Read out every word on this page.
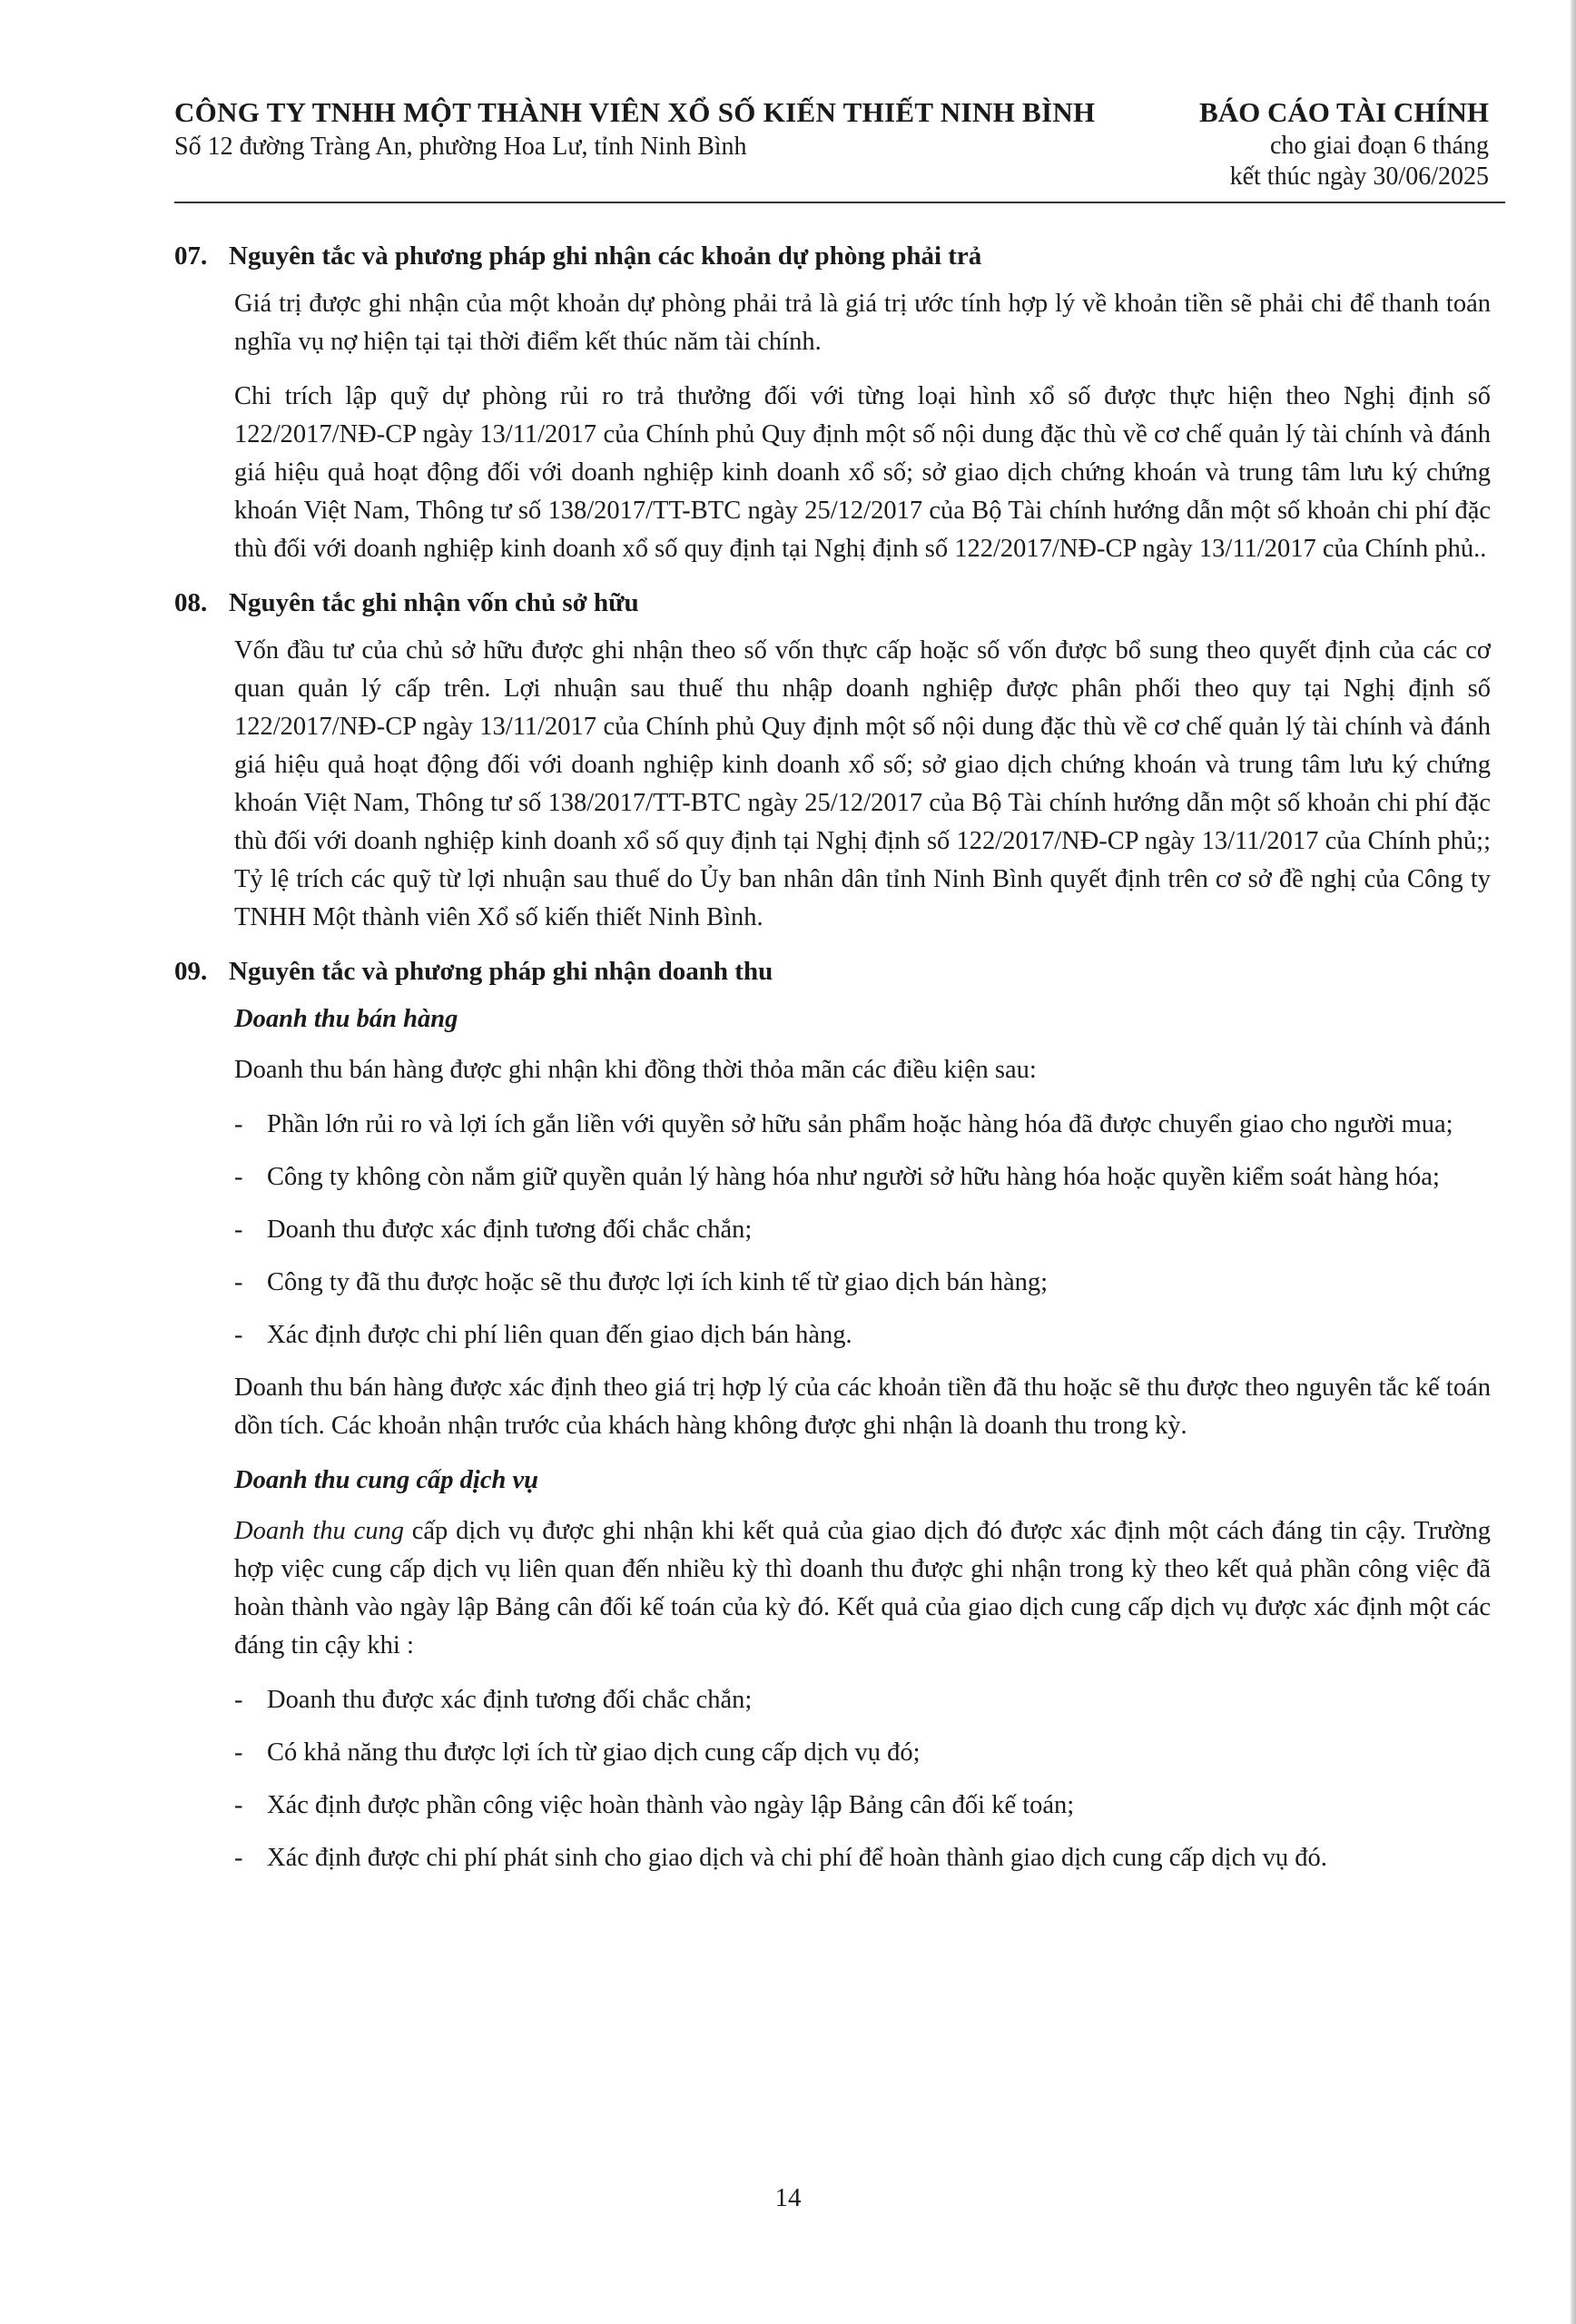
CÔNG TY TNHH MỘT THÀNH VIÊN XỔ SỐ KIẾN THIẾT NINH BÌNH
Số 12 đường Tràng An, phường Hoa Lư, tỉnh Ninh Bình
BÁO CÁO TÀI CHÍNH
cho giai đoạn 6 tháng
kết thúc ngày 30/06/2025
07. Nguyên tắc và phương pháp ghi nhận các khoản dự phòng phải trả

Giá trị được ghi nhận của một khoản dự phòng phải trả là giá trị ước tính hợp lý về khoản tiền sẽ phải chi để thanh toán nghĩa vụ nợ hiện tại tại thời điểm kết thúc năm tài chính.

Chi trích lập quỹ dự phòng rủi ro trả thưởng đối với từng loại hình xổ số được thực hiện theo Nghị định số 122/2017/NĐ-CP ngày 13/11/2017 của Chính phủ Quy định một số nội dung đặc thù về cơ chế quản lý tài chính và đánh giá hiệu quả hoạt động đối với doanh nghiệp kinh doanh xổ số; sở giao dịch chứng khoán và trung tâm lưu ký chứng khoán Việt Nam, Thông tư số 138/2017/TT-BTC ngày 25/12/2017 của Bộ Tài chính hướng dẫn một số khoản chi phí đặc thù đối với doanh nghiệp kinh doanh xổ số quy định tại Nghị định số 122/2017/NĐ-CP ngày 13/11/2017 của Chính phủ..

08. Nguyên tắc ghi nhận vốn chủ sở hữu

Vốn đầu tư của chủ sở hữu được ghi nhận theo số vốn thực cấp hoặc số vốn được bổ sung theo quyết định của các cơ quan quản lý cấp trên. Lợi nhuận sau thuế thu nhập doanh nghiệp được phân phối theo quy tại Nghị định số 122/2017/NĐ-CP ngày 13/11/2017 của Chính phủ Quy định một số nội dung đặc thù về cơ chế quản lý tài chính và đánh giá hiệu quả hoạt động đối với doanh nghiệp kinh doanh xổ số; sở giao dịch chứng khoán và trung tâm lưu ký chứng khoán Việt Nam, Thông tư số 138/2017/TT-BTC ngày 25/12/2017 của Bộ Tài chính hướng dẫn một số khoản chi phí đặc thù đối với doanh nghiệp kinh doanh xổ số quy định tại Nghị định số 122/2017/NĐ-CP ngày 13/11/2017 của Chính phủ;; Tỷ lệ trích các quỹ từ lợi nhuận sau thuế do Ủy ban nhân dân tỉnh Ninh Bình quyết định trên cơ sở đề nghị của Công ty TNHH Một thành viên Xổ số kiến thiết Ninh Bình.

09. Nguyên tắc và phương pháp ghi nhận doanh thu
Doanh thu bán hàng

Doanh thu bán hàng được ghi nhận khi đồng thời thỏa mãn các điều kiện sau:

- Phần lớn rủi ro và lợi ích gắn liền với quyền sở hữu sản phẩm hoặc hàng hóa đã được chuyển giao cho người mua;
- Công ty không còn nắm giữ quyền quản lý hàng hóa như người sở hữu hàng hóa hoặc quyền kiểm soát hàng hóa;
- Doanh thu được xác định tương đối chắc chắn;
- Công ty đã thu được hoặc sẽ thu được lợi ích kinh tế từ giao dịch bán hàng;
- Xác định được chi phí liên quan đến giao dịch bán hàng.

Doanh thu bán hàng được xác định theo giá trị hợp lý của các khoản tiền đã thu hoặc sẽ thu được theo nguyên tắc kế toán dồn tích. Các khoản nhận trước của khách hàng không được ghi nhận là doanh thu trong kỳ.

Doanh thu cung cấp dịch vụ

Doanh thu cung cấp dịch vụ được ghi nhận khi kết quả của giao dịch đó được xác định một cách đáng tin cậy. Trường hợp việc cung cấp dịch vụ liên quan đến nhiều kỳ thì doanh thu được ghi nhận trong kỳ theo kết quả phần công việc đã hoàn thành vào ngày lập Bảng cân đối kế toán của kỳ đó. Kết quả của giao dịch cung cấp dịch vụ được xác định một các đáng tin cậy khi :

- Doanh thu được xác định tương đối chắc chắn;
- Có khả năng thu được lợi ích từ giao dịch cung cấp dịch vụ đó;
- Xác định được phần công việc hoàn thành vào ngày lập Bảng cân đối kế toán;
- Xác định được chi phí phát sinh cho giao dịch và chi phí để hoàn thành giao dịch cung cấp dịch vụ đó.
14
